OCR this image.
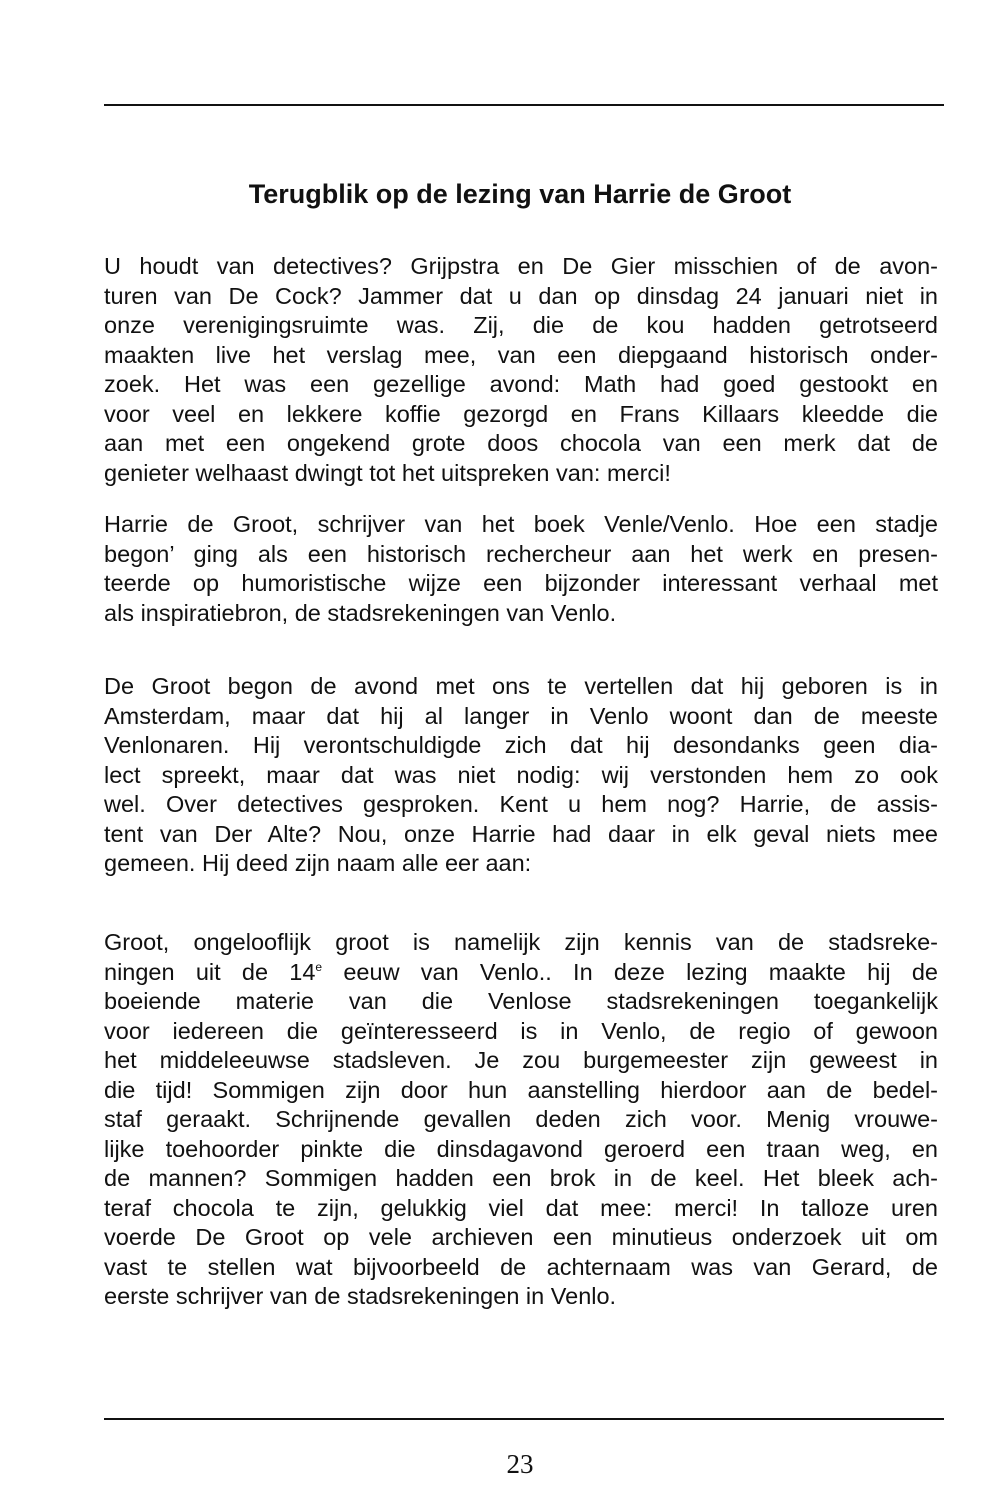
Terugblik op de lezing van Harrie de Groot
U houdt van detectives? Grijpstra en De Gier misschien of de avon-
turen van De Cock? Jammer dat u dan op dinsdag 24 januari niet in
onze verenigingsruimte was. Zij, die de kou hadden getrotseerd
maakten live het verslag mee, van een diepgaand historisch onder-
zoek. Het was een gezellige avond: Math had goed gestookt en
voor veel en lekkere koffie gezorgd en Frans Killaars kleedde die
aan met een ongekend grote doos chocola van een merk dat de
genieter welhaast dwingt tot het uitspreken van: merci!
Harrie de Groot, schrijver van het boek Venle/Venlo. Hoe een stadje
begon’ ging als een historisch rechercheur aan het werk en presen-
teerde op humoristische wijze een bijzonder interessant verhaal met
als inspiratiebron, de stadsrekeningen van Venlo.
De Groot begon de avond met ons te vertellen dat hij geboren is in
Amsterdam, maar dat hij al langer in Venlo woont dan de meeste
Venlonaren. Hij verontschuldigde zich dat hij desondanks geen dia-
lect spreekt, maar dat was niet nodig: wij verstonden hem zo ook
wel. Over detectives gesproken. Kent u hem nog? Harrie, de assis-
tent van Der Alte? Nou, onze Harrie had daar in elk geval niets mee
gemeen. Hij deed zijn naam alle eer aan:
Groot, ongelooflijk groot is namelijk zijn kennis van de stadsreke-
ningen uit de 14e eeuw van Venlo.. In deze lezing maakte hij de
boeiende materie van die Venlose stadsrekeningen toegankelijk
voor iedereen die geïnteresseerd is in Venlo, de regio of gewoon
het middeleeuwse stadsleven. Je zou burgemeester zijn geweest in
die tijd! Sommigen zijn door hun aanstelling hierdoor aan de bedel-
staf geraakt. Schrijnende gevallen deden zich voor. Menig vrouwe-
lijke toehoorder pinkte die dinsdagavond geroerd een traan weg, en
de mannen? Sommigen hadden een brok in de keel. Het bleek ach-
teraf chocola te zijn, gelukkig viel dat mee: merci! In talloze uren
voerde De Groot op vele archieven een minutieus onderzoek uit om
vast te stellen wat bijvoorbeeld de achternaam was van Gerard, de
eerste schrijver van de stadsrekeningen in Venlo.
23
